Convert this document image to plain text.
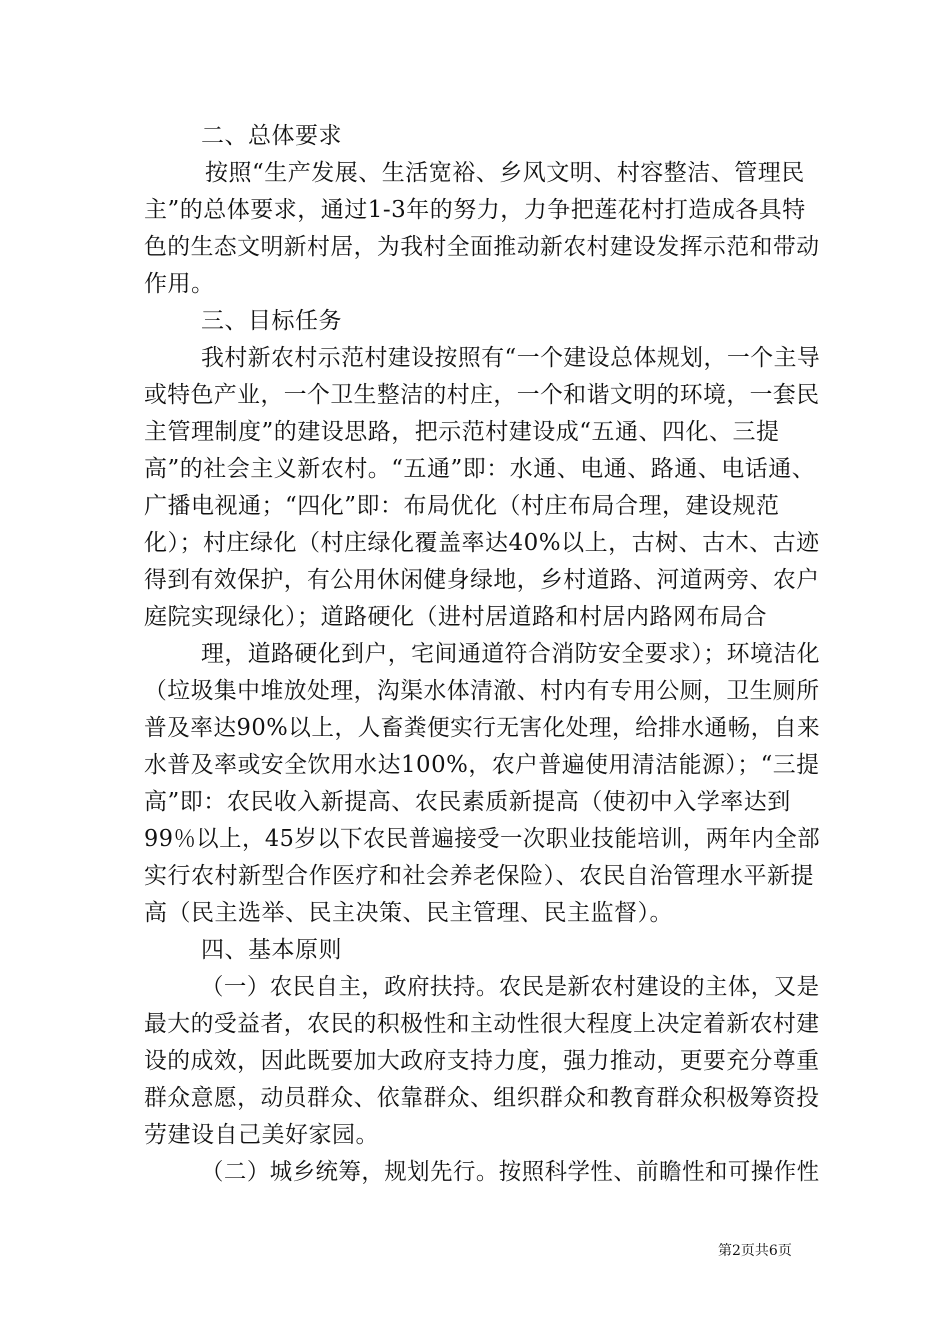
二、总体要求
按照“生产发展、生活宽裕、乡风文明、村容整洁、管理民
主”的总体要求，通过1-3年的努力，力争把莲花村打造成各具特
色的生态文明新村居，为我村全面推动新农村建设发挥示范和带动
作用。
三、目标任务
我村新农村示范村建设按照有“一个建设总体规划，一个主导
或特色产业，一个卫生整洁的村庄，一个和谐文明的环境，一套民
主管理制度”的建设思路，把示范村建设成“五通、四化、三提
高”的社会主义新农村。“五通”即：水通、电通、路通、电话通、
广播电视通；“四化”即：布局优化（村庄布局合理，建设规范
化）；村庄绿化（村庄绿化覆盖率达40%以上，古树、古木、古迹
得到有效保护，有公用休闲健身绿地，乡村道路、河道两旁、农户
庭院实现绿化）；道路硬化（进村居道路和村居内路网布局合
理，道路硬化到户，宅间通道符合消防安全要求）；环境洁化
（垃圾集中堆放处理，沟渠水体清澈、村内有专用公厕，卫生厕所
普及率达90%以上，人畜粪便实行无害化处理，给排水通畅，自来
水普及率或安全饮用水达100%，农户普遍使用清洁能源）；“三提
高”即：农民收入新提高、农民素质新提高（使初中入学率达到
99％以上，45岁以下农民普遍接受一次职业技能培训，两年内全部
实行农村新型合作医疗和社会养老保险）、农民自治管理水平新提
高（民主选举、民主决策、民主管理、民主监督）。
四、基本原则
（一）农民自主，政府扶持。农民是新农村建设的主体，又是
最大的受益者，农民的积极性和主动性很大程度上决定着新农村建
设的成效，因此既要加大政府支持力度，强力推动，更要充分尊重
群众意愿，动员群众、依靠群众、组织群众和教育群众积极筹资投
劳建设自己美好家园。
（二）城乡统筹，规划先行。按照科学性、前瞻性和可操作性
第2页共6页
